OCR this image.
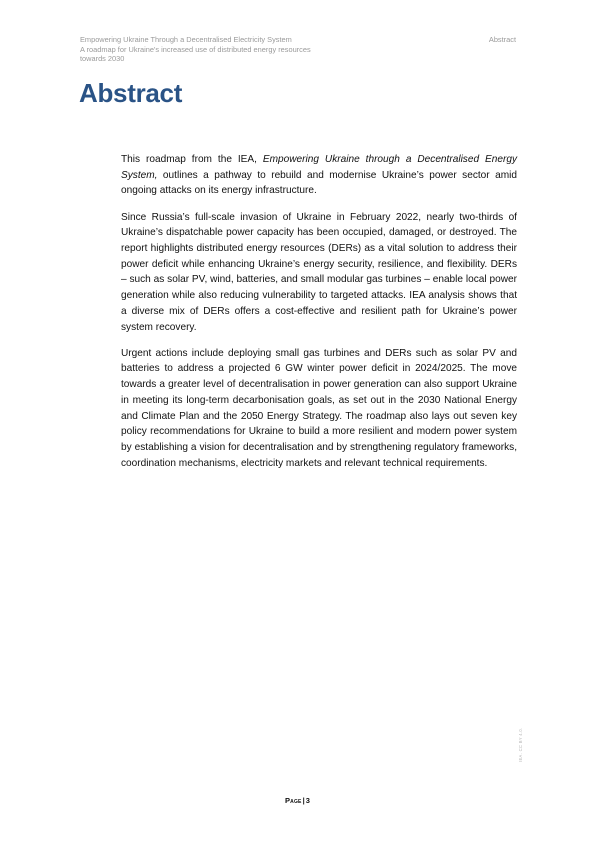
Empowering Ukraine Through a Decentralised Electricity System
A roadmap for Ukraine's increased use of distributed energy resources towards 2030
Abstract
Abstract

This roadmap from the IEA, Empowering Ukraine through a Decentralised Energy System, outlines a pathway to rebuild and modernise Ukraine’s power sector amid ongoing attacks on its energy infrastructure.

Since Russia’s full-scale invasion of Ukraine in February 2022, nearly two-thirds of Ukraine’s dispatchable power capacity has been occupied, damaged, or destroyed. The report highlights distributed energy resources (DERs) as a vital solution to address their power deficit while enhancing Ukraine’s energy security, resilience, and flexibility. DERs – such as solar PV, wind, batteries, and small modular gas turbines – enable local power generation while also reducing vulnerability to targeted attacks. IEA analysis shows that a diverse mix of DERs offers a cost-effective and resilient path for Ukraine’s power system recovery.

Urgent actions include deploying small gas turbines and DERs such as solar PV and batteries to address a projected 6 GW winter power deficit in 2024/2025. The move towards a greater level of decentralisation in power generation can also support Ukraine in meeting its long-term decarbonisation goals, as set out in the 2030 National Energy and Climate Plan and the 2050 Energy Strategy. The roadmap also lays out seven key policy recommendations for Ukraine to build a more resilient and modern power system by establishing a vision for decentralisation and by strengthening regulatory frameworks, coordination mechanisms, electricity markets and relevant technical requirements.

IEA. CC BY 4.0.
Page|3
